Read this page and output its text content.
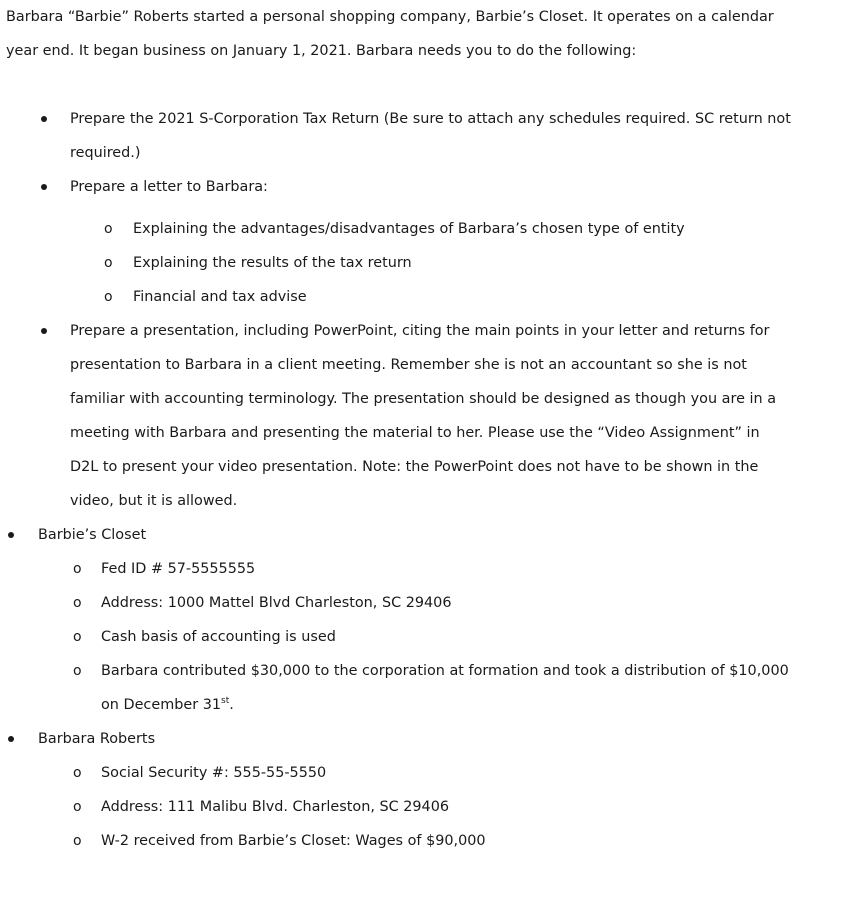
Barbara “Barbie” Roberts started a personal shopping company, Barbie’s Closet. It operates on a calendar
year end. It began business on January 1, 2021. Barbara needs you to do the following:

Prepare the 2021 S-Corporation Tax Return (Be sure to attach any schedules required. SC return not
required.)
Prepare a letter to Barbara:
o Explaining the advantages/disadvantages of Barbara’s chosen type of entity
o Explaining the results of the tax return
o Financial and tax advise
Prepare a presentation, including PowerPoint, citing the main points in your letter and returns for
presentation to Barbara in a client meeting. Remember she is not an accountant so she is not
familiar with accounting terminology. The presentation should be designed as though you are in a
meeting with Barbara and presenting the material to her. Please use the “Video Assignment” in
D2L to present your video presentation. Note: the PowerPoint does not have to be shown in the
video, but it is allowed.
Barbie’s Closet
o Fed ID # 57-5555555
o Address: 1000 Mattel Blvd Charleston, SC 29406
o Cash basis of accounting is used
o Barbara contributed $30,000 to the corporation at formation and took a distribution of $10,000
on December 31st.
Barbara Roberts
o Social Security #: 555-55-5550
o Address: 111 Malibu Blvd. Charleston, SC 29406
o W-2 received from Barbie’s Closet: Wages of $90,000
